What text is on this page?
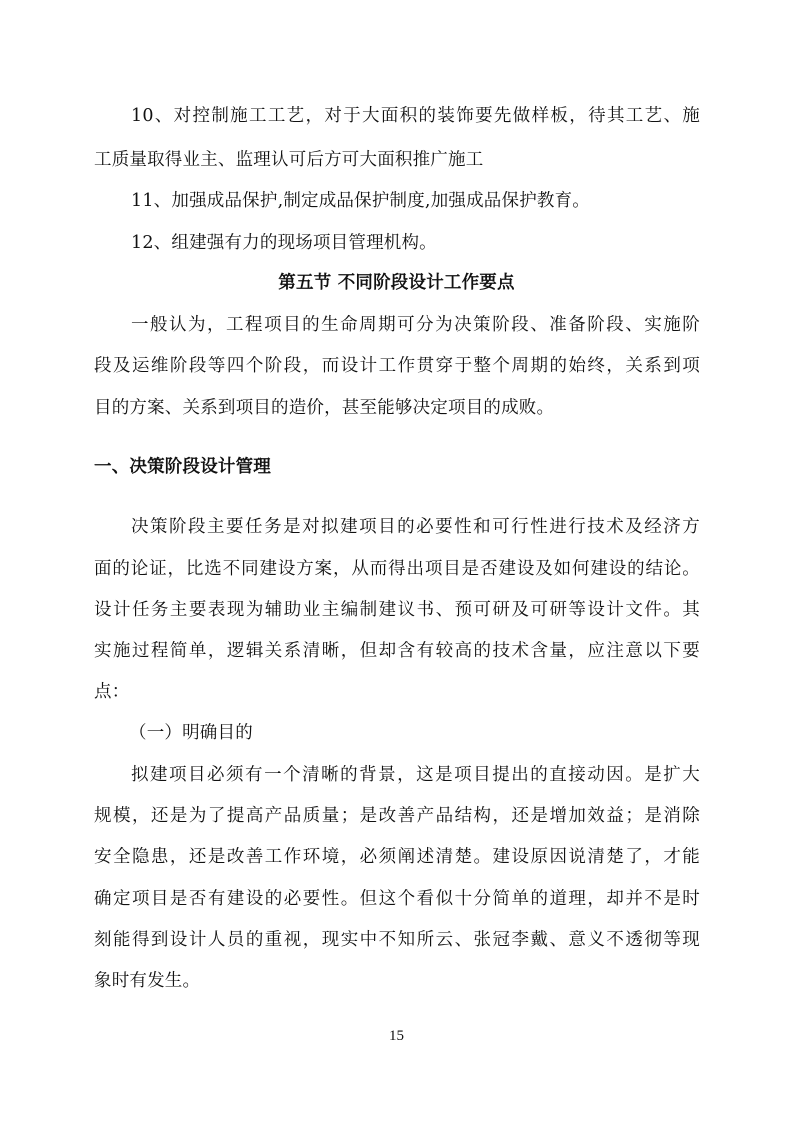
10、对控制施工工艺，对于大面积的装饰要先做样板，待其工艺、施
工质量取得业主、监理认可后方可大面积推广施工
11、加强成品保护,制定成品保护制度,加强成品保护教育。
12、组建强有力的现场项目管理机构。
第五节 不同阶段设计工作要点
一般认为，工程项目的生命周期可分为决策阶段、准备阶段、实施阶
段及运维阶段等四个阶段，而设计工作贯穿于整个周期的始终，关系到项
目的方案、关系到项目的造价，甚至能够决定项目的成败。
一、决策阶段设计管理
决策阶段主要任务是对拟建项目的必要性和可行性进行技术及经济方
面的论证，比选不同建设方案，从而得出项目是否建设及如何建设的结论。
设计任务主要表现为辅助业主编制建议书、预可研及可研等设计文件。其
实施过程简单，逻辑关系清晰，但却含有较高的技术含量，应注意以下要
点：
（一）明确目的
拟建项目必须有一个清晰的背景，这是项目提出的直接动因。是扩大
规模，还是为了提高产品质量；是改善产品结构，还是增加效益；是消除
安全隐患，还是改善工作环境，必须阐述清楚。建设原因说清楚了，才能
确定项目是否有建设的必要性。但这个看似十分简单的道理，却并不是时
刻能得到设计人员的重视，现实中不知所云、张冠李戴、意义不透彻等现
象时有发生。
15
